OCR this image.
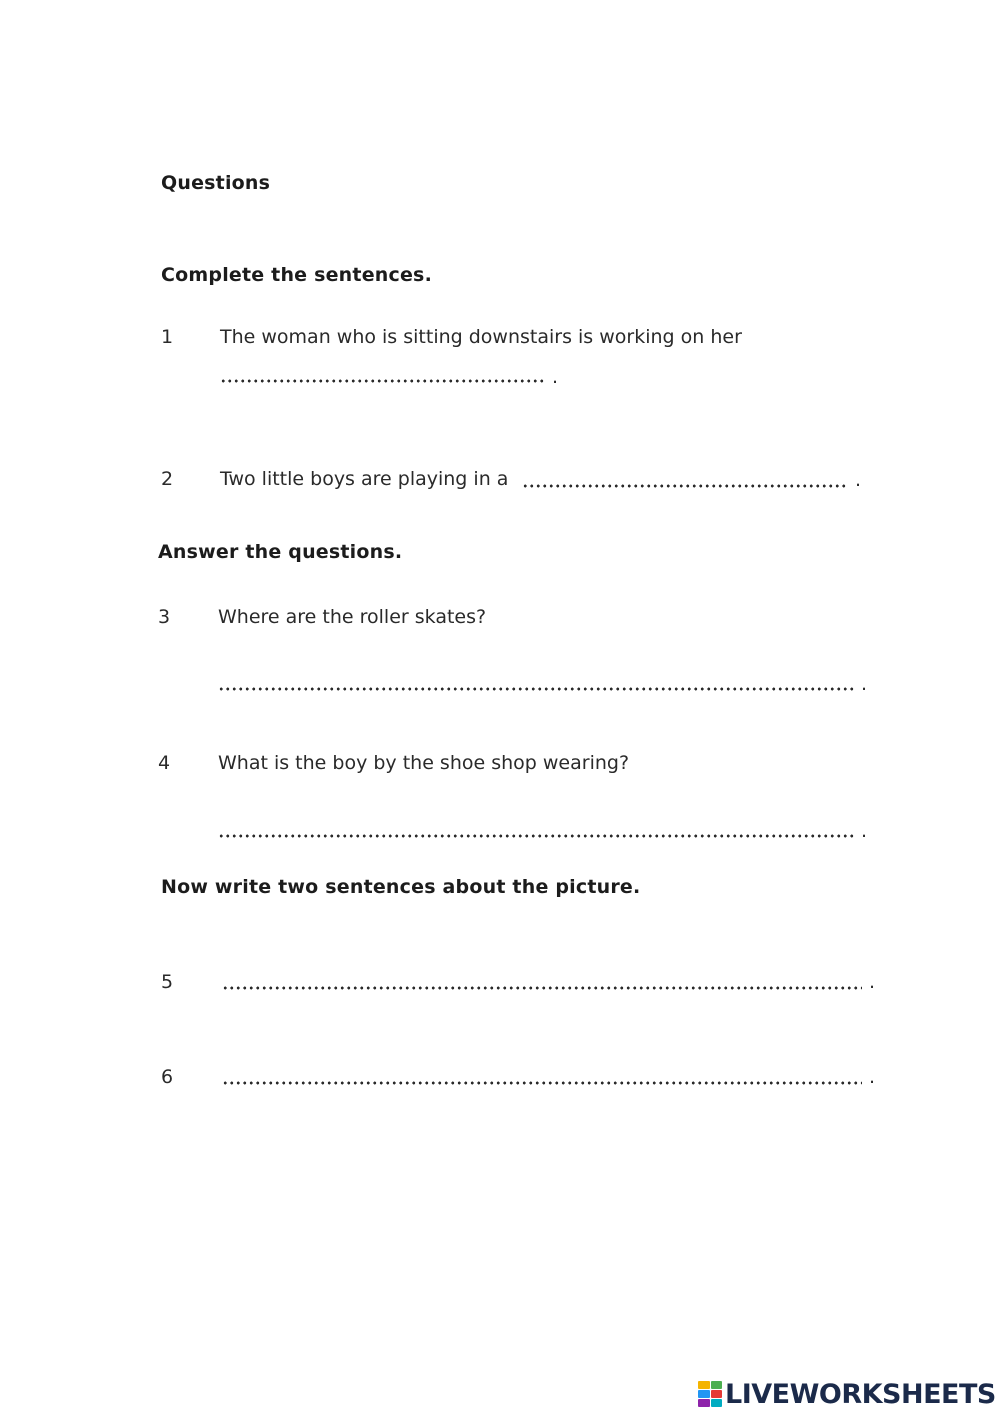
Questions
Complete the sentences.
1 The woman who is sitting downstairs is working on her
.
2 Two little boys are playing in a	.
Answer the questions.
3	Where are the roller skates?
.
4	What is the boy by the shoe shop wearing?
.
Now write two sentences about the picture.
5	.
6	.
LIVEWORKSHEETS
